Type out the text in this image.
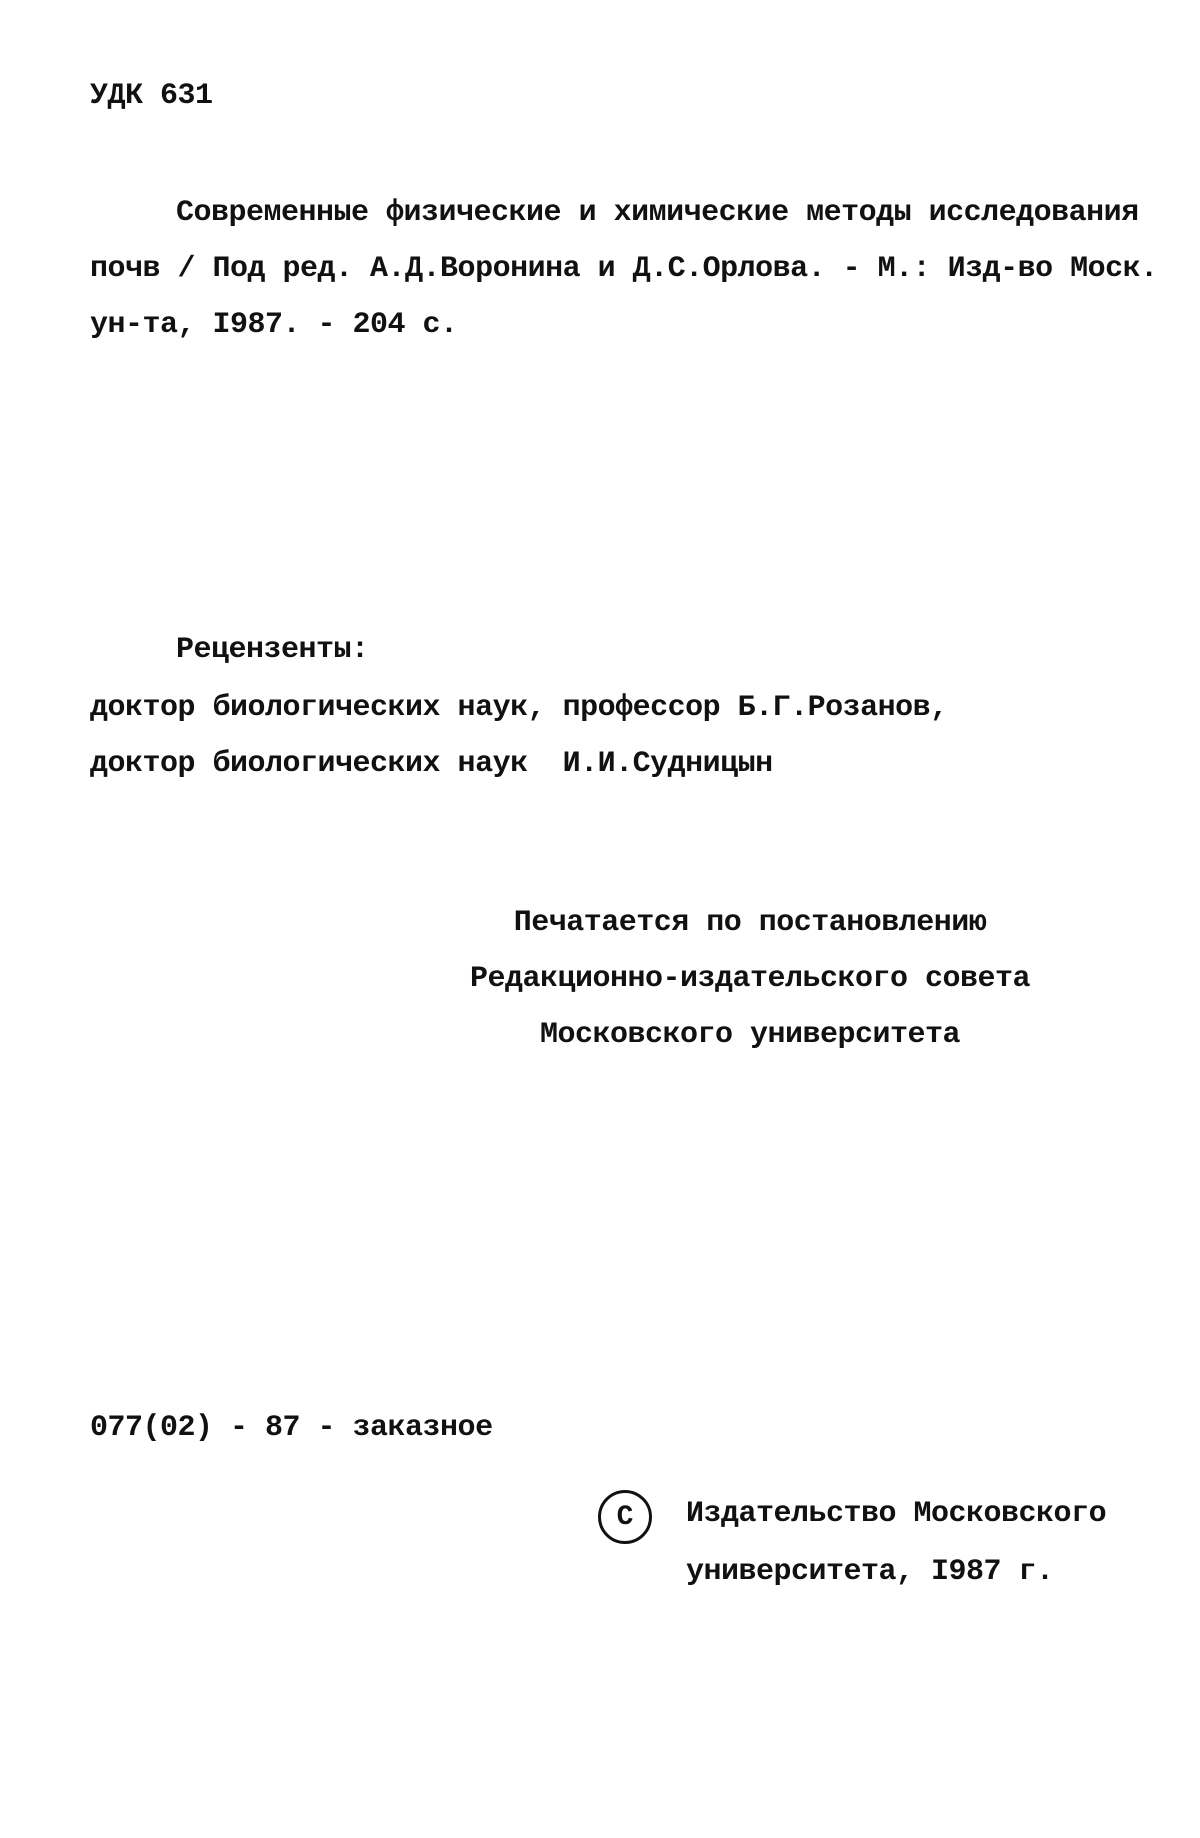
УДК 631
Современные физические и химические методы исследования
почв / Под ред. А.Д.Воронина и Д.С.Орлова. - М.: Изд-во Моск.
ун-та, I987. - 204 с.
Рецензенты:
доктор биологических наук, профессор Б.Г.Розанов,
доктор биологических наук  И.И.Судницын
Печатается по постановлению
Редакционно-издательского совета
Московского университета
077(02) - 87 - заказное
C Издательство Московского
университета, I987 г.
